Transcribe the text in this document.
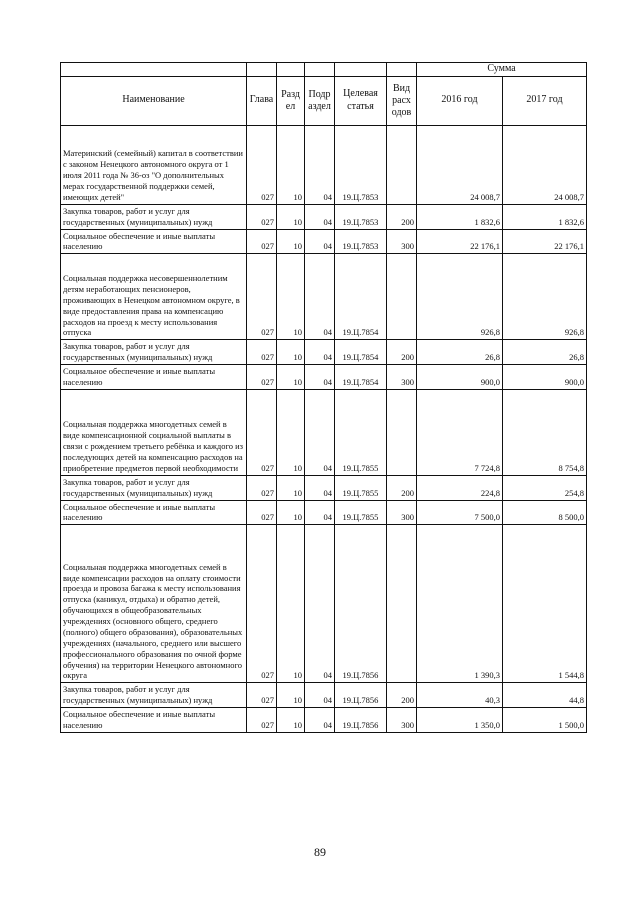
						Сумма	
Наименование	Глава	Разд ел	Подр аздел	Целевая статья	Вид расх одов	2016 год	2017 год
Материнский (семейный) капитал в соответствии с законом Ненецкого автономного округа от 1 июля 2011 года № 36-оз "О дополнительных мерах государственной поддержки семей, имеющих детей"	027	10	04	19.Ц.7853		24 008,7	24 008,7
Закупка товаров, работ и услуг для государственных (муниципальных) нужд	027	10	04	19.Ц.7853	200	1 832,6	1 832,6
Социальное обеспечение и иные выплаты населению	027	10	04	19.Ц.7853	300	22 176,1	22 176,1
Социальная поддержка несовершеннолетним детям неработающих пенсионеров, проживающих в Ненецком автономном округе, в виде предоставления права на компенсацию расходов на проезд к месту использования отпуска	027	10	04	19.Ц.7854		926,8	926,8
Закупка товаров, работ и услуг для государственных (муниципальных) нужд	027	10	04	19.Ц.7854	200	26,8	26,8
Социальное обеспечение и иные выплаты населению	027	10	04	19.Ц.7854	300	900,0	900,0
Социальная поддержка многодетных семей в виде компенсационной социальной выплаты в связи с рождением третьего ребёнка и каждого из последующих детей на компенсацию расходов на приобретение предметов первой необходимости	027	10	04	19.Ц.7855		7 724,8	8 754,8
Закупка товаров, работ и услуг для государственных (муниципальных) нужд	027	10	04	19.Ц.7855	200	224,8	254,8
Социальное обеспечение и иные выплаты населению	027	10	04	19.Ц.7855	300	7 500,0	8 500,0
Социальная поддержка многодетных семей в виде компенсации расходов на оплату стоимости проезда и провоза багажа к месту использования отпуска (каникул, отдыха) и обратно детей, обучающихся в общеобразовательных учреждениях (основного общего, среднего (полного) общего образования), образовательных учреждениях (начального, среднего или высшего профессионального образования по очной форме обучения) на территории Ненецкого автономного округа	027	10	04	19.Ц.7856		1 390,3	1 544,8
Закупка товаров, работ и услуг для государственных (муниципальных) нужд	027	10	04	19.Ц.7856	200	40,3	44,8
Социальное обеспечение и иные выплаты населению	027	10	04	19.Ц.7856	300	1 350,0	1 500,0
89
